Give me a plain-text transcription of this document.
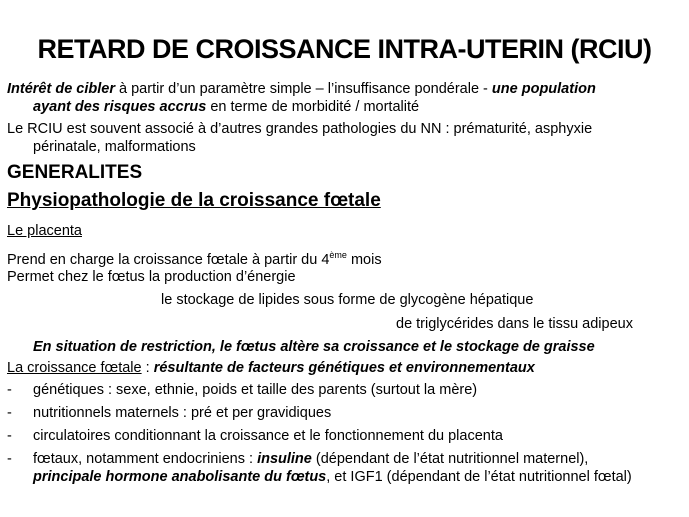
RETARD DE CROISSANCE INTRA-UTERIN (RCIU)
Intérêt de cibler à partir d’un paramètre simple – l’insuffisance pondérale - une population
ayant des risques accrus en terme de morbidité / mortalité
Le RCIU est souvent associé à d’autres grandes pathologies du NN : prématurité, asphyxie
périnatale, malformations
GENERALITES
Physiopathologie de la croissance fœtale
Le placenta
Prend en charge la croissance fœtale à partir du 4ème mois
Permet chez le fœtus la production d’énergie
le stockage de lipides sous forme de glycogène hépatique
de triglycérides dans le tissu adipeux
En situation de restriction, le fœtus altère sa croissance et le stockage de graisse
La croissance fœtale : résultante de facteurs génétiques et environnementaux
- génétiques : sexe, ethnie, poids et taille des parents (surtout la mère)
- nutritionnels maternels : pré et per gravidiques
- circulatoires conditionnant la croissance et le fonctionnement du placenta
- fœtaux, notamment endocriniens : insuline (dépendant de l’état nutritionnel maternel),
principale hormone anabolisante du fœtus, et IGF1 (dépendant de l’état nutritionnel fœtal)
